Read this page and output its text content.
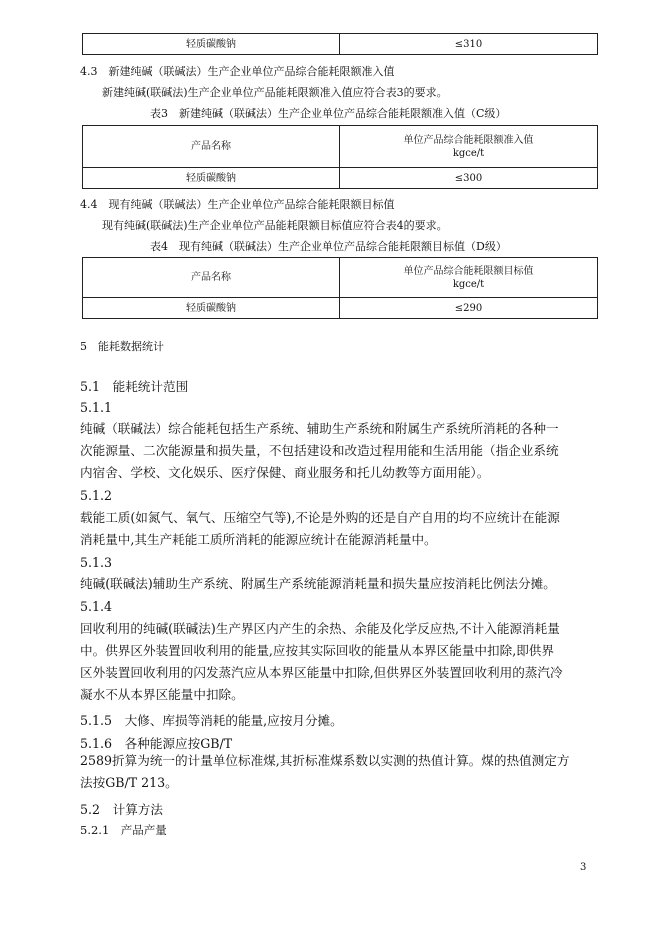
轻质碳酸钠	≤310
4.3　新建纯碱（联碱法）生产企业单位产品综合能耗限额准入值
新建纯碱(联碱法)生产企业单位产品能耗限额准入值应符合表3的要求。
表3　新建纯碱（联碱法）生产企业单位产品综合能耗限额准入值（C级）
产品名称	单位产品综合能耗限额准入值
kgce/t

轻质碳酸钠	≤300
4.4　现有纯碱（联碱法）生产企业单位产品综合能耗限额目标值
现有纯碱(联碱法)生产企业单位产品能耗限额目标值应符合表4的要求。
表4　现有纯碱（联碱法）生产企业单位产品综合能耗限额目标值（D级）
产品名称	单位产品综合能耗限额目标值
kgce/t

轻质碳酸钠	≤290
5　能耗数据统计
5.1　能耗统计范围
5.1.1
纯碱（联碱法）综合能耗包括生产系统、辅助生产系统和附属生产系统所消耗的各种一
次能源量、二次能源量和损失量，不包括建设和改造过程用能和生活用能（指企业系统
内宿舍、学校、文化娱乐、医疗保健、商业服务和托儿幼教等方面用能）。
5.1.2
载能工质(如氮气、氧气、压缩空气等),不论是外购的还是自产自用的均不应统计在能源
消耗量中,其生产耗能工质所消耗的能源应统计在能源消耗量中。
5.1.3
纯碱(联碱法)辅助生产系统、附属生产系统能源消耗量和损失量应按消耗比例法分摊。
5.1.4
回收利用的纯碱(联碱法)生产界区内产生的余热、余能及化学反应热,不计入能源消耗量
中。供界区外装置回收利用的能量,应按其实际回收的能量从本界区能量中扣除,即供界
区外装置回收利用的闪发蒸汽应从本界区能量中扣除,但供界区外装置回收利用的蒸汽冷
凝水不从本界区能量中扣除。
5.1.5　大修、库损等消耗的能量,应按月分摊。
5.1.6　各种能源应按GB/T
2589折算为统一的计量单位标准煤,其折标准煤系数以实测的热值计算。煤的热值测定方
法按GB/T 213。
5.2　计算方法
5.2.1　产品产量
3
